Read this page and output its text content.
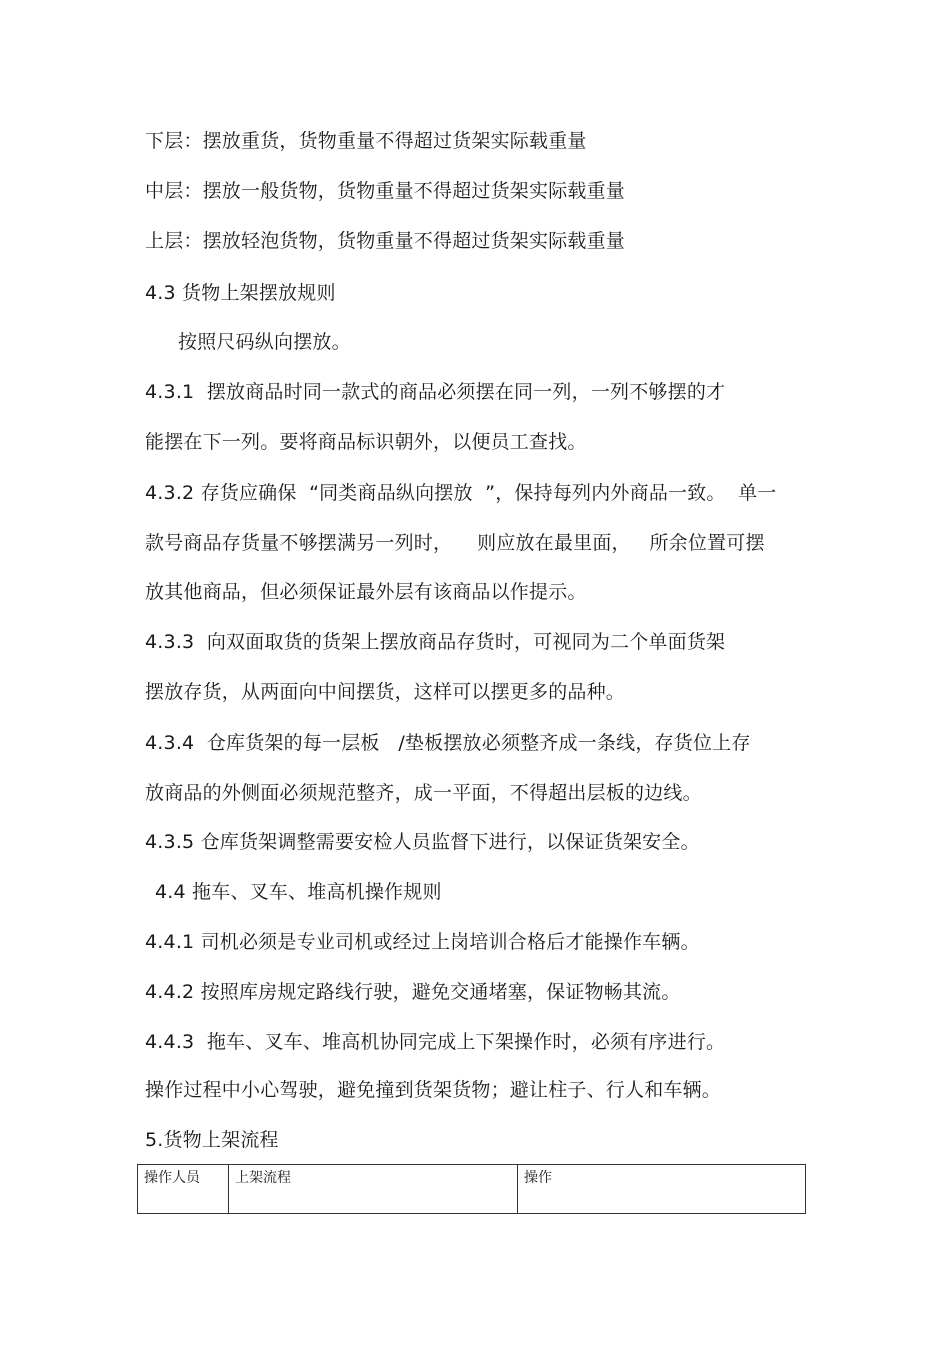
下层：摆放重货，货物重量不得超过货架实际载重量
中层：摆放一般货物，货物重量不得超过货架实际载重量
上层：摆放轻泡货物，货物重量不得超过货架实际载重量
4.3 货物上架摆放规则
按照尺码纵向摆放。
4.3.1  摆放商品时同一款式的商品必须摆在同一列，一列不够摆的才
能摆在下一列。要将商品标识朝外，以便员工查找。
4.3.2 存货应确保  “同类商品纵向摆放  ”，保持每列内外商品一致。  单一
款号商品存货量不够摆满另一列时，    则应放在最里面，   所余位置可摆
放其他商品，但必须保证最外层有该商品以作提示。
4.3.3  向双面取货的货架上摆放商品存货时，可视同为二个单面货架
摆放存货，从两面向中间摆货，这样可以摆更多的品种。
4.3.4  仓库货架的每一层板   /垫板摆放必须整齐成一条线，存货位上存
放商品的外侧面必须规范整齐，成一平面，不得超出层板的边线。
4.3.5 仓库货架调整需要安检人员监督下进行，以保证货架安全。
4.4 拖车、叉车、堆高机操作规则
4.4.1 司机必须是专业司机或经过上岗培训合格后才能操作车辆。
4.4.2 按照库房规定路线行驶，避免交通堵塞，保证物畅其流。
4.4.3  拖车、叉车、堆高机协同完成上下架操作时，必须有序进行。
操作过程中小心驾驶，避免撞到货架货物；避让柱子、行人和车辆。
5.货物上架流程
操作人员	上架流程	操作
